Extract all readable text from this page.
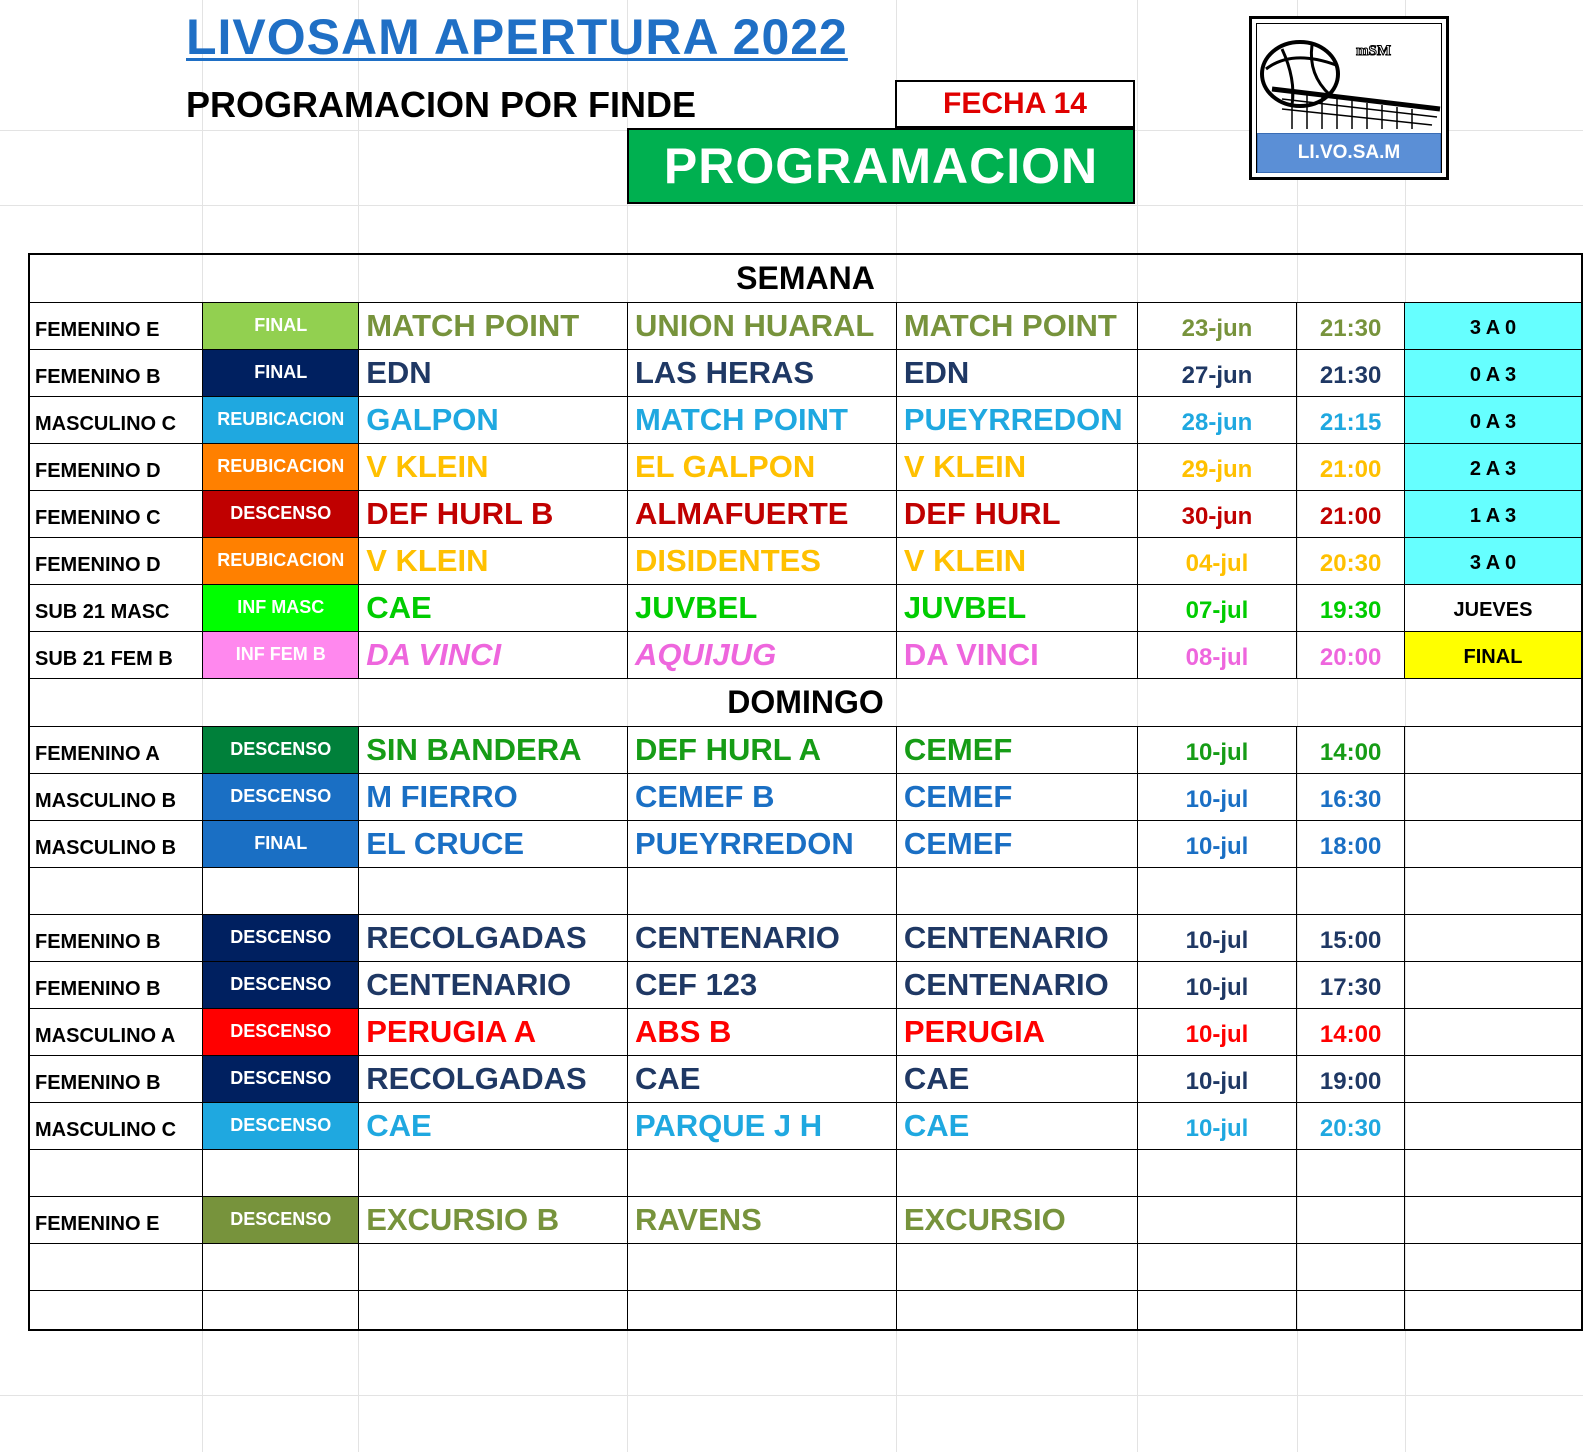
LIVOSAM APERTURA 2022
PROGRAMACION POR FINDE	FECHA 14
PROGRAMACION
mSM
LI.VO.SA.M
SEMANA							
FEMENINO E	FINAL	MATCH POINT	UNION HUARAL	MATCH POINT	23-jun	21:30	3 A 0
FEMENINO B	FINAL	EDN	LAS HERAS	EDN	27-jun	21:30	0 A 3
MASCULINO C	REUBICACION	GALPON	MATCH POINT	PUEYRREDON	28-jun	21:15	0 A 3
FEMENINO D	REUBICACION	V KLEIN	EL GALPON	V KLEIN	29-jun	21:00	2 A 3
FEMENINO C	DESCENSO	DEF HURL B	ALMAFUERTE	DEF HURL	30-jun	21:00	1 A 3
FEMENINO D	REUBICACION	V KLEIN	DISIDENTES	V KLEIN	04-jul	20:30	3 A 0
SUB 21 MASC	INF MASC	CAE	JUVBEL	JUVBEL	07-jul	19:30	JUEVES
SUB 21 FEM B	INF FEM B	DA VINCI	AQUIJUG	DA VINCI	08-jul	20:00	FINAL
DOMINGO							
FEMENINO A	DESCENSO	SIN BANDERA	DEF HURL A	CEMEF	10-jul	14:00	
MASCULINO B	DESCENSO	M FIERRO	CEMEF B	CEMEF	10-jul	16:30	
MASCULINO B	FINAL	EL CRUCE	PUEYRREDON	CEMEF	10-jul	18:00	

FEMENINO B	DESCENSO	RECOLGADAS	CENTENARIO	CENTENARIO	10-jul	15:00	
FEMENINO B	DESCENSO	CENTENARIO	CEF 123	CENTENARIO	10-jul	17:30	
MASCULINO A	DESCENSO	PERUGIA A	ABS B	PERUGIA	10-jul	14:00	
FEMENINO B	DESCENSO	RECOLGADAS	CAE	CAE	10-jul	19:00	
MASCULINO C	DESCENSO	CAE	PARQUE J H	CAE	10-jul	20:30	

FEMENINO E	DESCENSO	EXCURSIO B	RAVENS	EXCURSIO			
